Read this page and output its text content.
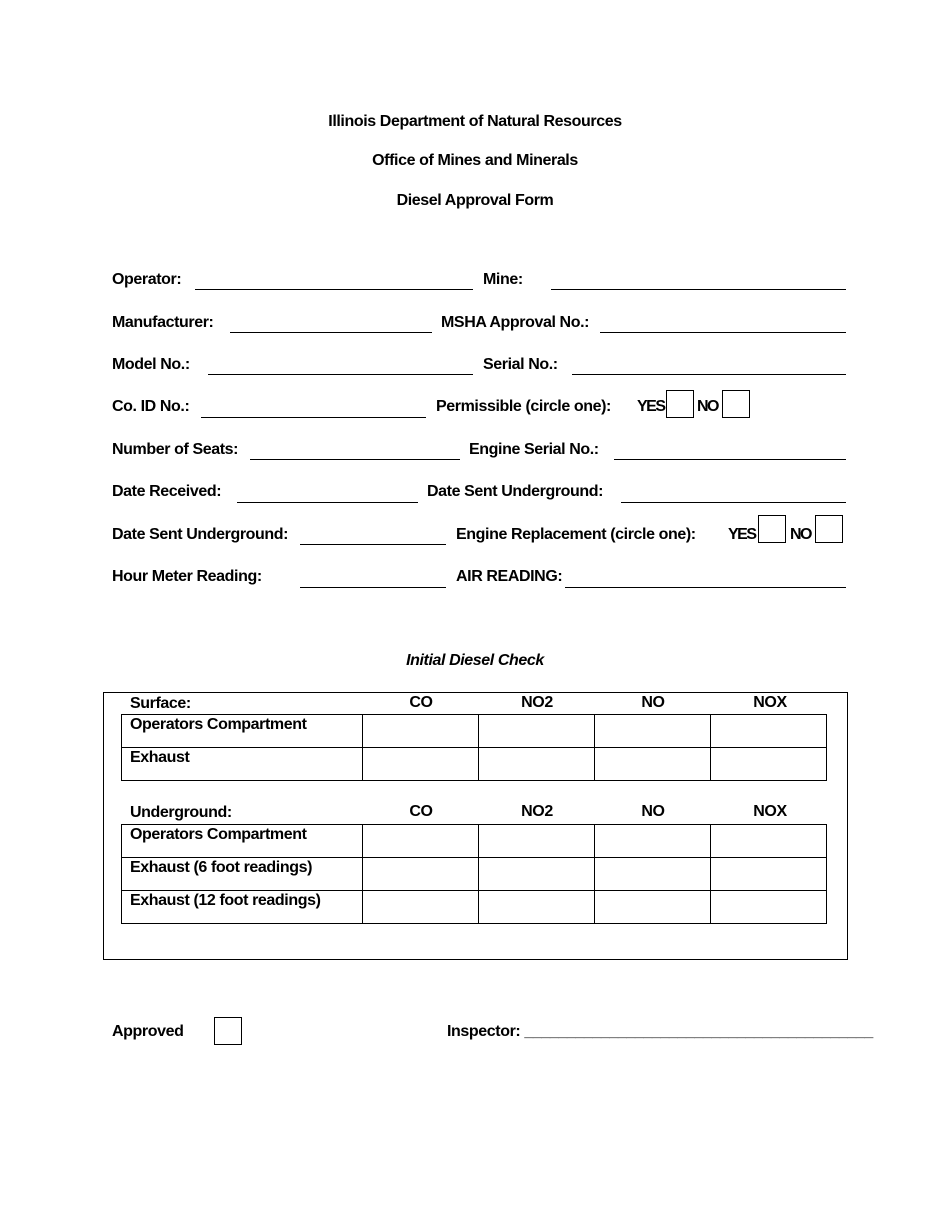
Illinois Department of Natural Resources
Office of Mines and Minerals
Diesel Approval Form
Operator:	Mine:
Manufacturer:	MSHA Approval No.:
Model No.:	Serial No.:
Co. ID No.:	Permissible (circle one): YES NO
Number of Seats:	Engine Serial No.:
Date Received:	Date Sent Underground:
Date Sent Underground:	Engine Replacement (circle one): YES NO
Hour Meter Reading:	AIR READING:
Initial Diesel Check
Surface:	CO	NO2	NO	NOX
Operators Compartment				
Exhaust				
Underground:	CO	NO2	NO	NOX
Operators Compartment				
Exhaust (6 foot readings)				
Exhaust (12 foot readings)				
Approved	Inspector: _________________________________________
